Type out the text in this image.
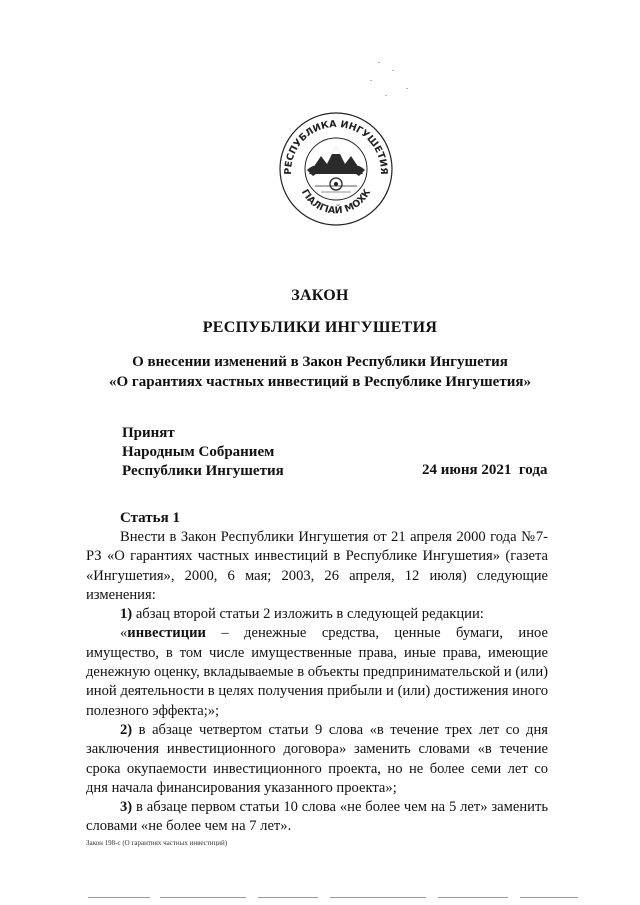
РЕСПУБЛИКА ИНГУШЕТИЯ
ГIАЛГIАЙ МОХК
ЗАКОН
РЕСПУБЛИКИ ИНГУШЕТИЯ
О внесении изменений в Закон Республики Ингушетия
«О гарантиях частных инвестиций в Республике Ингушетия»
Принят
Народным Собранием
Республики Ингушетия	24 июня 2021  года
Статья 1

Внести в Закон Республики Ингушетия от 21 апреля 2000 года №7-РЗ «О гарантиях частных инвестиций в Республике Ингушетия» (газета «Ингушетия», 2000, 6 мая; 2003, 26 апреля, 12 июля) следующие изменения:

1) абзац второй статьи 2 изложить в следующей редакции:

«инвестиции – денежные средства, ценные бумаги, иное имущество, в том числе имущественные права, иные права, имеющие денежную оценку, вкладываемые в объекты предпринимательской и (или) иной деятельности в целях получения прибыли и (или) достижения иного полезного эффекта;»;

2) в абзаце четвертом статьи 9 слова «в течение трех лет со дня заключения инвестиционного договора» заменить словами «в течение срока окупаемости инвестиционного проекта, но не более семи лет со дня начала финансирования указанного проекта»;

3) в абзаце первом статьи 10 слова «не более чем на 5 лет» заменить словами «не более чем на 7 лет».

Закон 198-с (О гарантиях частных инвестиций)
